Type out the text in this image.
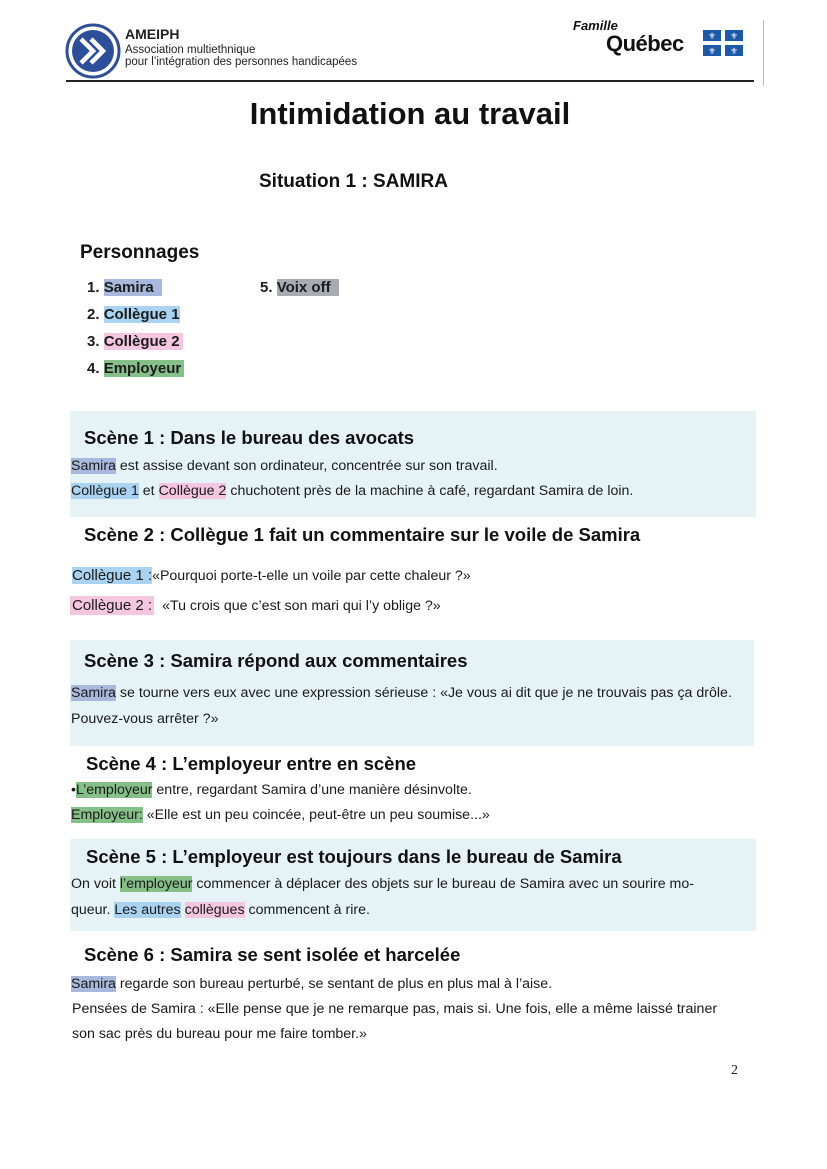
AMEIPH
Association multiethnique
pour l’intégration des personnes handicapées
Famille
Québec	⚜ ⚜
⚜ ⚜
Intimidation au travail
Situation 1 : SAMIRA
Personnages
1. Samira
2. Collègue 1
3. Collègue 2
4. Employeur
5. Voix off
Scène 1 : Dans le bureau des avocats
Samira est assise devant son ordinateur, concentrée sur son travail.
Collègue 1 et Collègue 2 chuchotent près de la machine à café, regardant Samira de loin.
Scène 2 : Collègue 1 fait un commentaire sur le voile de Samira
Collègue 1 :«Pourquoi porte-t-elle un voile par cette chaleur ?»
Collègue 2 : «Tu crois que c’est son mari qui l’y oblige ?»
Scène 3 : Samira répond aux commentaires
Samira se tourne vers eux avec une expression sérieuse : «Je vous ai dit que je ne trouvais pas ça drôle.
Pouvez-vous arrêter ?»
Scène 4 : L’employeur entre en scène
•L’employeur entre, regardant Samira d’une manière désinvolte.
Employeur: «Elle est un peu coincée, peut-être un peu soumise...»
Scène 5 : L’employeur est toujours dans le bureau de Samira
On voit l’employeur commencer à déplacer des objets sur le bureau de Samira avec un sourire mo-
queur. Les autres collègues commencent à rire.
Scène 6 : Samira se sent isolée et harcelée
Samira regarde son bureau perturbé, se sentant de plus en plus mal à l’aise.
Pensées de Samira : «Elle pense que je ne remarque pas, mais si. Une fois, elle a même laissé trainer
son sac près du bureau pour me faire tomber.»
2
